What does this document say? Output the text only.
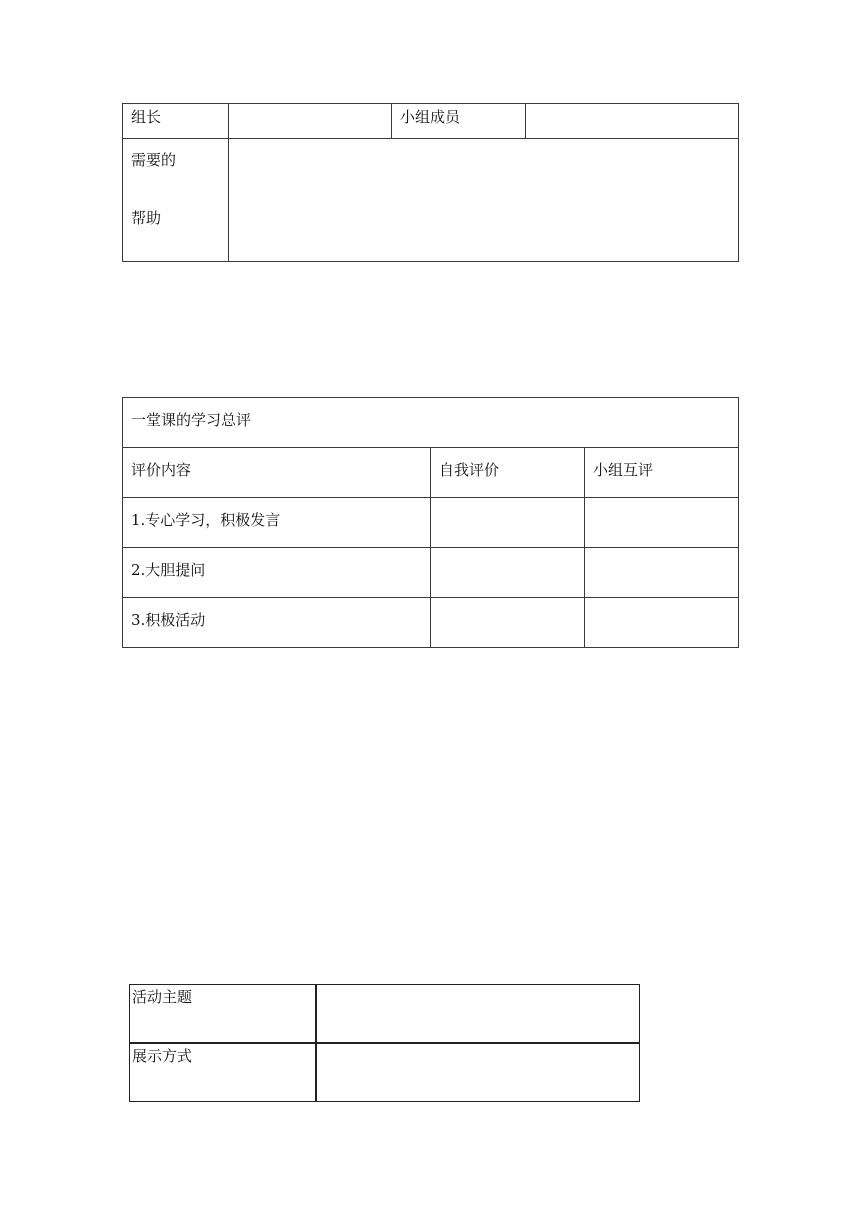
组长		小组成员	

需要的
帮助			

一堂课的学习总评		

评价内容	自我评价	小组互评

1.专心学习，积极发言		

2.大胆提问		

3.积极活动		

活动主题	

展示方式	
